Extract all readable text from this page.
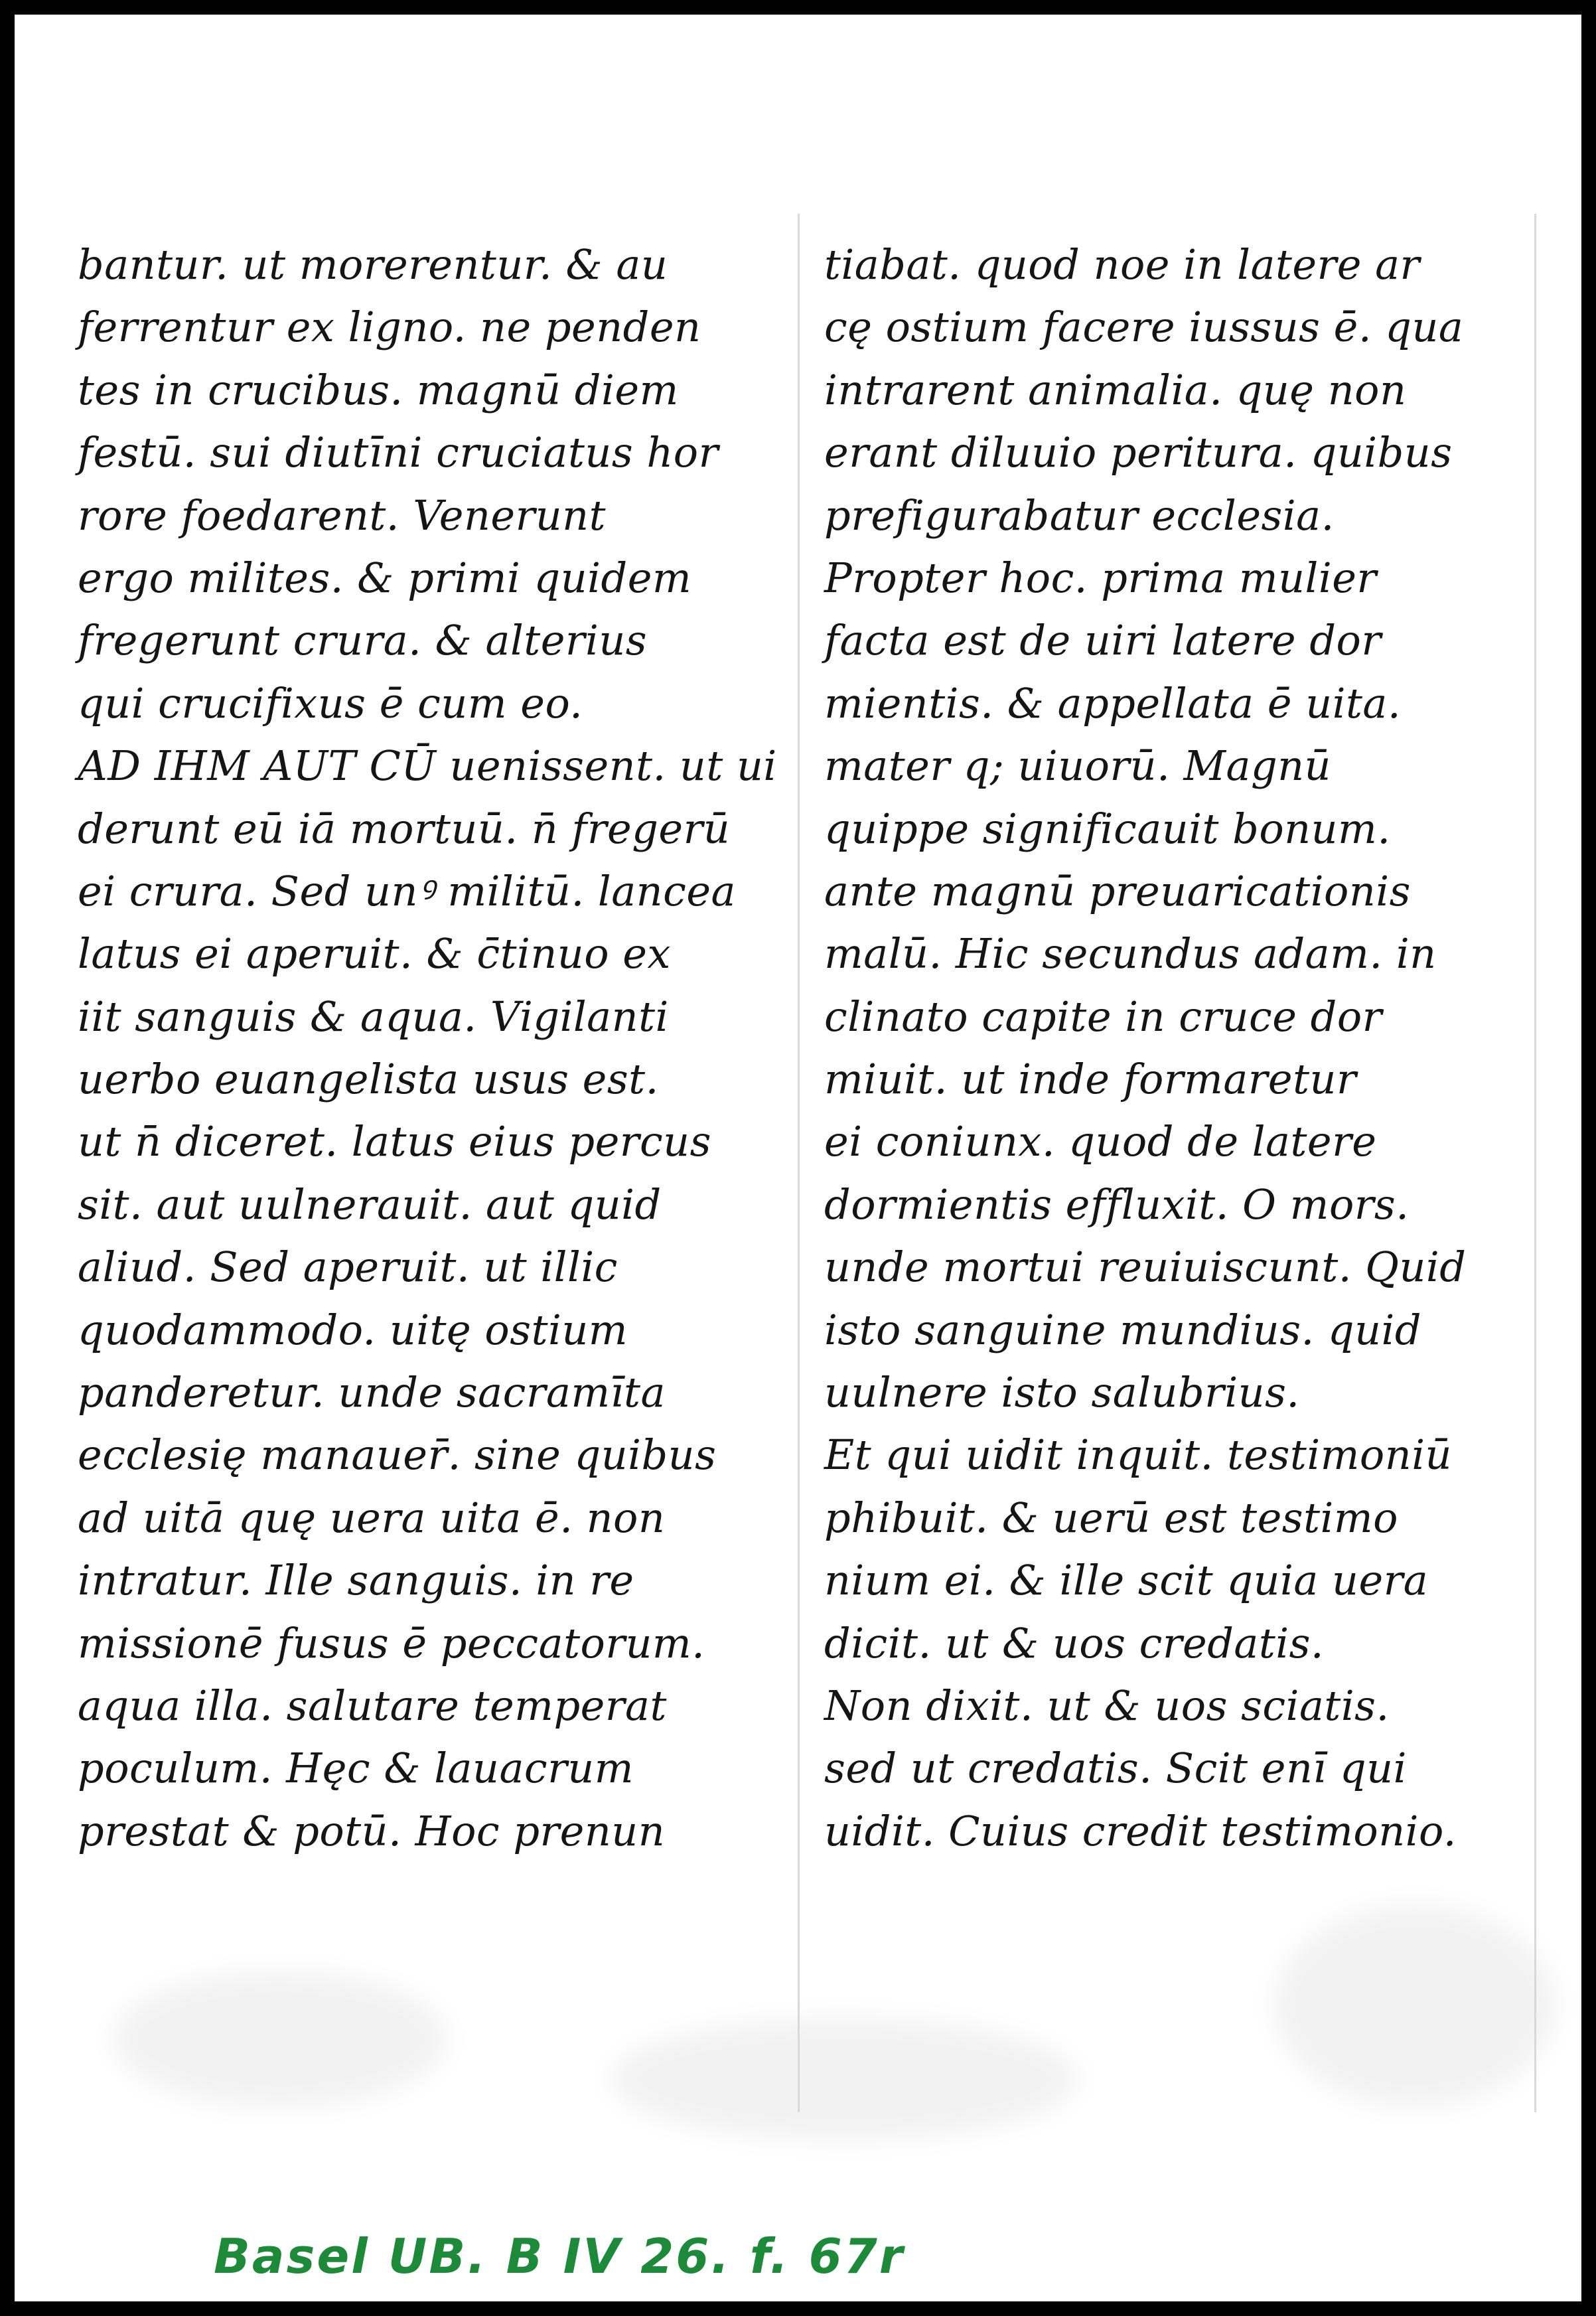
bantur. ut morerentur. & au
ferrentur ex ligno. ne penden
tes in crucibus. magnū diem
festū. sui diutīni cruciatus hor
rore foedarent. Venerunt
ergo milites. & primi quidem
fregerunt crura. & alterius
qui crucifixus ē cum eo.
AD IHM AUT CŪ uenissent. ut ui
derunt eū iā mortuū. n̄ fregerū
ei crura. Sed unꝰ militū. lancea
latus ei aperuit. & c̄tinuo ex
iit sanguis & aqua. Vigilanti
uerbo euangelista usus est.
ut n̄ diceret. latus eius percus
sit. aut uulnerauit. aut quid
aliud. Sed aperuit. ut illic
quodammodo. uitę ostium
panderetur. unde sacramīta
ecclesię manauer̄. sine quibus
ad uitā quę uera uita ē. non
intratur. Ille sanguis. in re
missionē fusus ē peccatorum.
aqua illa. salutare temperat
poculum. Hęc & lauacrum
prestat & potū. Hoc prenun
tiabat. quod noe in latere ar
cę ostium facere iussus ē. qua
intrarent animalia. quę non
erant diluuio peritura. quibus
prefigurabatur ecclesia.
Propter hoc. prima mulier
facta est de uiri latere dor
mientis. & appellata ē uita.
mater q; uiuorū. Magnū
quippe significauit bonum.
ante magnū preuaricationis
malū. Hic secundus adam. in
clinato capite in cruce dor
miuit. ut inde formaretur
ei coniunx. quod de latere
dormientis effluxit. O mors.
unde mortui reuiuiscunt. Quid
isto sanguine mundius. quid
uulnere isto salubrius.
Et qui uidit inquit. testimoniū
phibuit. & uerū est testimo
nium ei. & ille scit quia uera
dicit. ut & uos credatis.
Non dixit. ut & uos sciatis.
sed ut credatis. Scit enī qui
uidit. Cuius credit testimonio.
Basel UB. B IV 26. f. 67r
